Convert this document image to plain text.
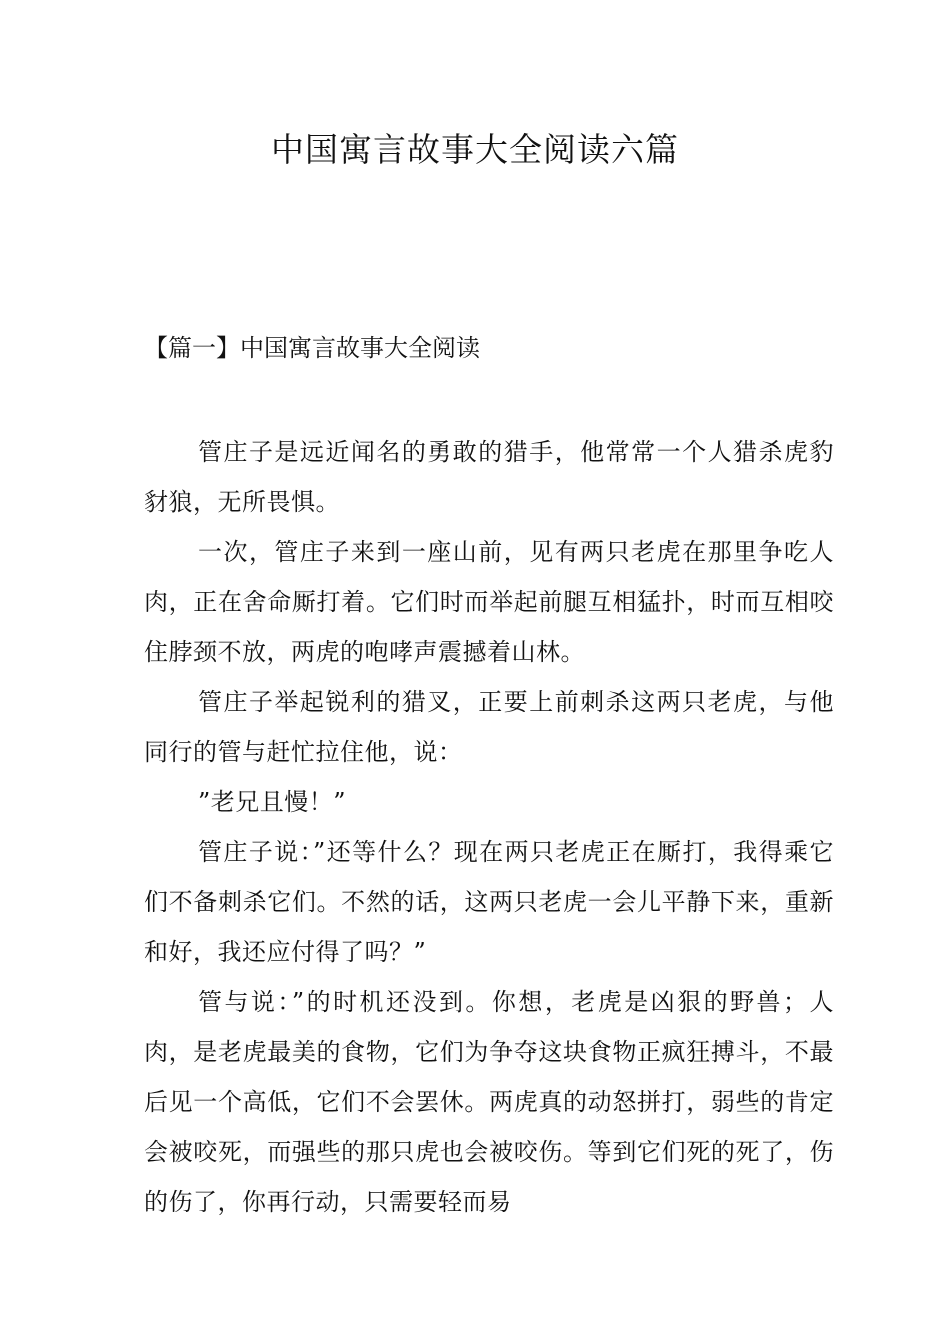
中国寓言故事大全阅读六篇
【篇一】中国寓言故事大全阅读

管庄子是远近闻名的勇敢的猎手，他常常一个人猎杀虎豹豺狼，无所畏惧。

一次，管庄子来到一座山前，见有两只老虎在那里争吃人肉，正在舍命厮打着。它们时而举起前腿互相猛扑，时而互相咬住脖颈不放，两虎的咆哮声震撼着山林。

管庄子举起锐利的猎叉，正要上前刺杀这两只老虎，与他同行的管与赶忙拉住他，说：

”老兄且慢！”

管庄子说：”还等什么？现在两只老虎正在厮打，我得乘它们不备刺杀它们。不然的话，这两只老虎一会儿平静下来，重新和好，我还应付得了吗？”

管与说：”的时机还没到。你想，老虎是凶狠的野兽；人肉，是老虎最美的食物，它们为争夺这块食物正疯狂搏斗，不最后见一个高低，它们不会罢休。两虎真的动怒拼打，弱些的肯定会被咬死，而强些的那只虎也会被咬伤。等到它们死的死了，伤的伤了，你再行动，只需要轻而易
